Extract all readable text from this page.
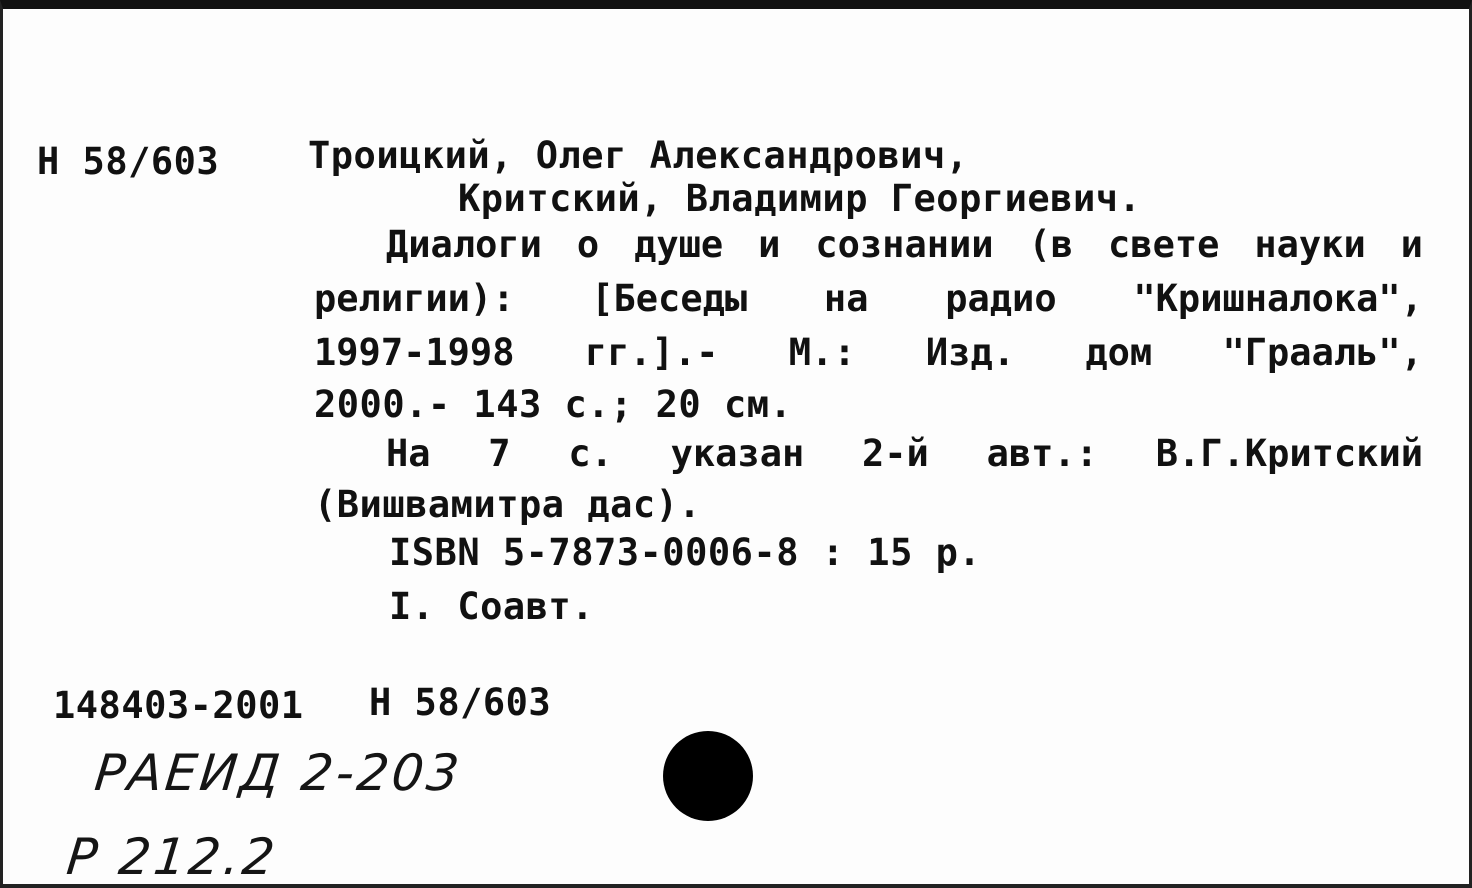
Н 58/603 Троицкий, Олег Александрович,
Критский, Владимир Георгиевич.
Диалоги о душе и сознании (в свете науки и
религии): [Беседы на радио "Кришналока",
1997-1998 гг.].- М.: Изд. дом "Грааль",
2000.- 143 с.; 20 см.
На 7 с. указан 2-й авт.: В.Г.Критский
(Вишвамитра дас).
ISBN 5-7873-0006-8 : 15 р.
I. Соавт.
148403-2001 Н 58/603
РАЕИД 2-203
Р 212.2
